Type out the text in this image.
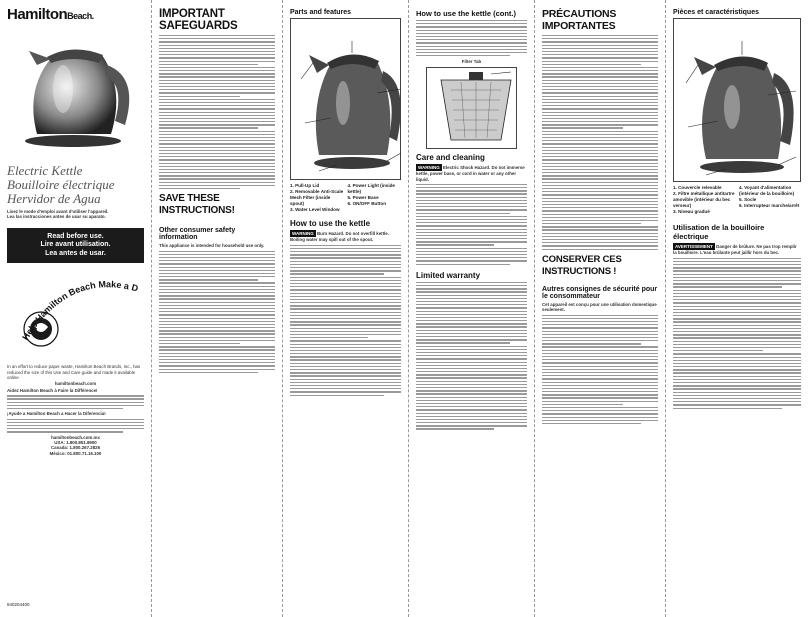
HamiltonBeach.
Electric Kettle
Bouilloire électrique
Hervidor de Agua
Lisez le mode d'emploi avant d'utiliser l'appareil.
Lea las instrucciones antes de usar su aparato.
Read before use.
Lire avant utilisation.
Lea antes de usar.
Help Hamilton Beach Make a D
In an effort to reduce paper waste, Hamilton Beach Brands, Inc., has reduced the size of this Use and Care guide and made it available online.
hamiltonbeach.com
Aidez Hamilton Beach à Faire la Différence!
¡Ayude a Hamilton Beach a Hacer la Diferencia!
hamiltonbeach.com.mx
USA: 1.800.851.8900
Canada: 1.800.267.2826
México: 01.800.71.16.100
840204400
IMPORTANT SAFEGUARDS
SAVE THESE INSTRUCTIONS!
Other consumer safety information
This appliance is intended for household use only.
Parts and features
1. Pull-Up Lid
2. Removable Anti-Scale Mesh Filter (inside spout)
3. Water Level Window
4. Power Light (inside kettle)
5. Power Base
6. ON/OFF Button
How to use the kettle
WARNING Burn Hazard. Do not overfill kettle. Boiling water may spill out of the spout.
How to use the kettle (cont.)
Filter Tab
Care and cleaning
WARNING Electric Shock Hazard. Do not immerse kettle, power base, or cord in water or any other liquid.
Limited warranty
PRÉCAUTIONS IMPORTANTES
CONSERVER CES INSTRUCTIONS !
Autres consignes de sécurité pour le consommateur
Cet appareil est conçu pour une utilisation domestique seulement.
Pièces et caractéristiques
1. Couvercle relevable
2. Filtre métallique antitartre amovible (intérieur du bec verseur)
3. Niveau gradué
4. Voyant d'alimentation (intérieur de la bouilloire)
5. Socle
6. Interrupteur marche/arrêt
Utilisation de la bouilloire électrique
AVERTISSEMENT Danger de brûlure. Ne pas trop remplir la bouilloire. L'eau brûlante peut jaillir hors du bec.
